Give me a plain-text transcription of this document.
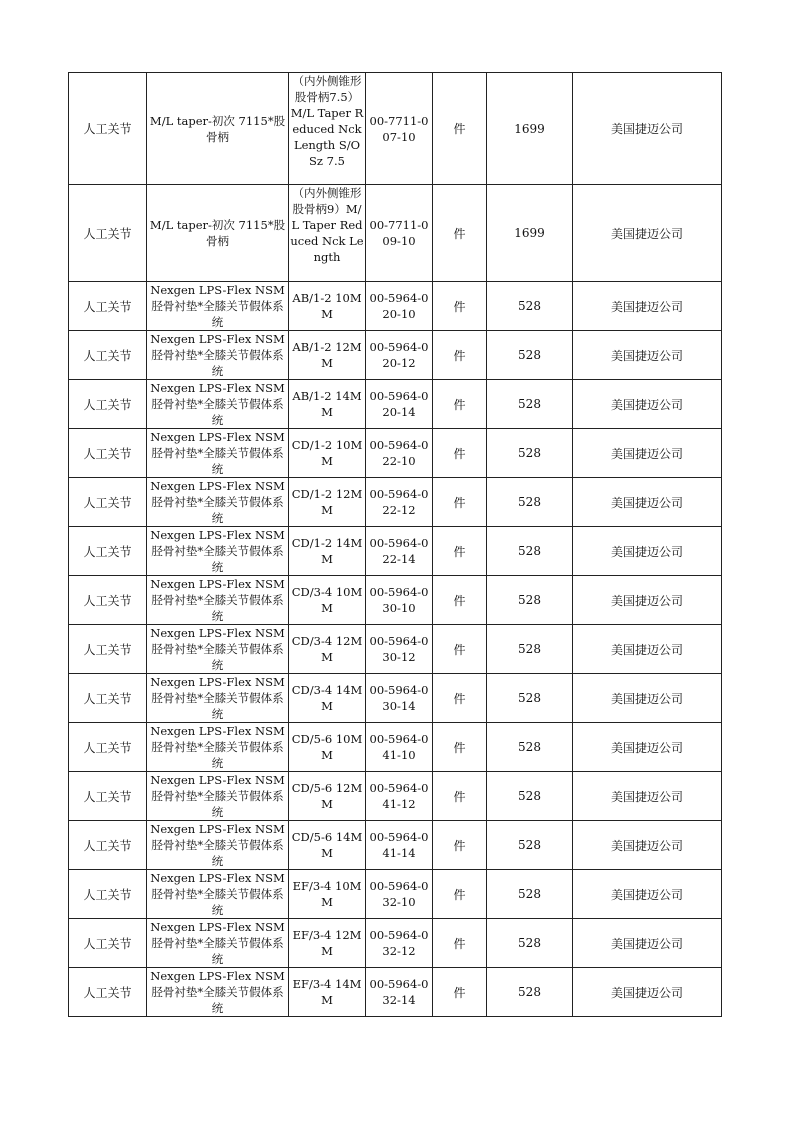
人工关节	M/L taper-初次 7115*股骨柄	（内外侧锥形股骨柄7.5）M/L Taper Reduced Nck Length S/O Sz 7.5	00-7711-007-10	件	1699	美国捷迈公司
人工关节	M/L taper-初次 7115*股骨柄	（内外侧锥形股骨柄9）M/L Taper Reduced Nck Length	00-7711-009-10	件	1699	美国捷迈公司
人工关节	Nexgen LPS-Flex NSM胫骨衬垫*全膝关节假体系统	AB/1-2 10MM	00-5964-020-10	件	528	美国捷迈公司
人工关节	Nexgen LPS-Flex NSM胫骨衬垫*全膝关节假体系统	AB/1-2 12MM	00-5964-020-12	件	528	美国捷迈公司
人工关节	Nexgen LPS-Flex NSM胫骨衬垫*全膝关节假体系统	AB/1-2 14MM	00-5964-020-14	件	528	美国捷迈公司
人工关节	Nexgen LPS-Flex NSM胫骨衬垫*全膝关节假体系统	CD/1-2 10MM	00-5964-022-10	件	528	美国捷迈公司
人工关节	Nexgen LPS-Flex NSM胫骨衬垫*全膝关节假体系统	CD/1-2 12MM	00-5964-022-12	件	528	美国捷迈公司
人工关节	Nexgen LPS-Flex NSM胫骨衬垫*全膝关节假体系统	CD/1-2 14MM	00-5964-022-14	件	528	美国捷迈公司
人工关节	Nexgen LPS-Flex NSM胫骨衬垫*全膝关节假体系统	CD/3-4 10MM	00-5964-030-10	件	528	美国捷迈公司
人工关节	Nexgen LPS-Flex NSM胫骨衬垫*全膝关节假体系统	CD/3-4 12MM	00-5964-030-12	件	528	美国捷迈公司
人工关节	Nexgen LPS-Flex NSM胫骨衬垫*全膝关节假体系统	CD/3-4 14MM	00-5964-030-14	件	528	美国捷迈公司
人工关节	Nexgen LPS-Flex NSM胫骨衬垫*全膝关节假体系统	CD/5-6 10MM	00-5964-041-10	件	528	美国捷迈公司
人工关节	Nexgen LPS-Flex NSM胫骨衬垫*全膝关节假体系统	CD/5-6 12MM	00-5964-041-12	件	528	美国捷迈公司
人工关节	Nexgen LPS-Flex NSM胫骨衬垫*全膝关节假体系统	CD/5-6 14MM	00-5964-041-14	件	528	美国捷迈公司
人工关节	Nexgen LPS-Flex NSM胫骨衬垫*全膝关节假体系统	EF/3-4 10MM	00-5964-032-10	件	528	美国捷迈公司
人工关节	Nexgen LPS-Flex NSM胫骨衬垫*全膝关节假体系统	EF/3-4 12MM	00-5964-032-12	件	528	美国捷迈公司
人工关节	Nexgen LPS-Flex NSM胫骨衬垫*全膝关节假体系统	EF/3-4 14MM	00-5964-032-14	件	528	美国捷迈公司
